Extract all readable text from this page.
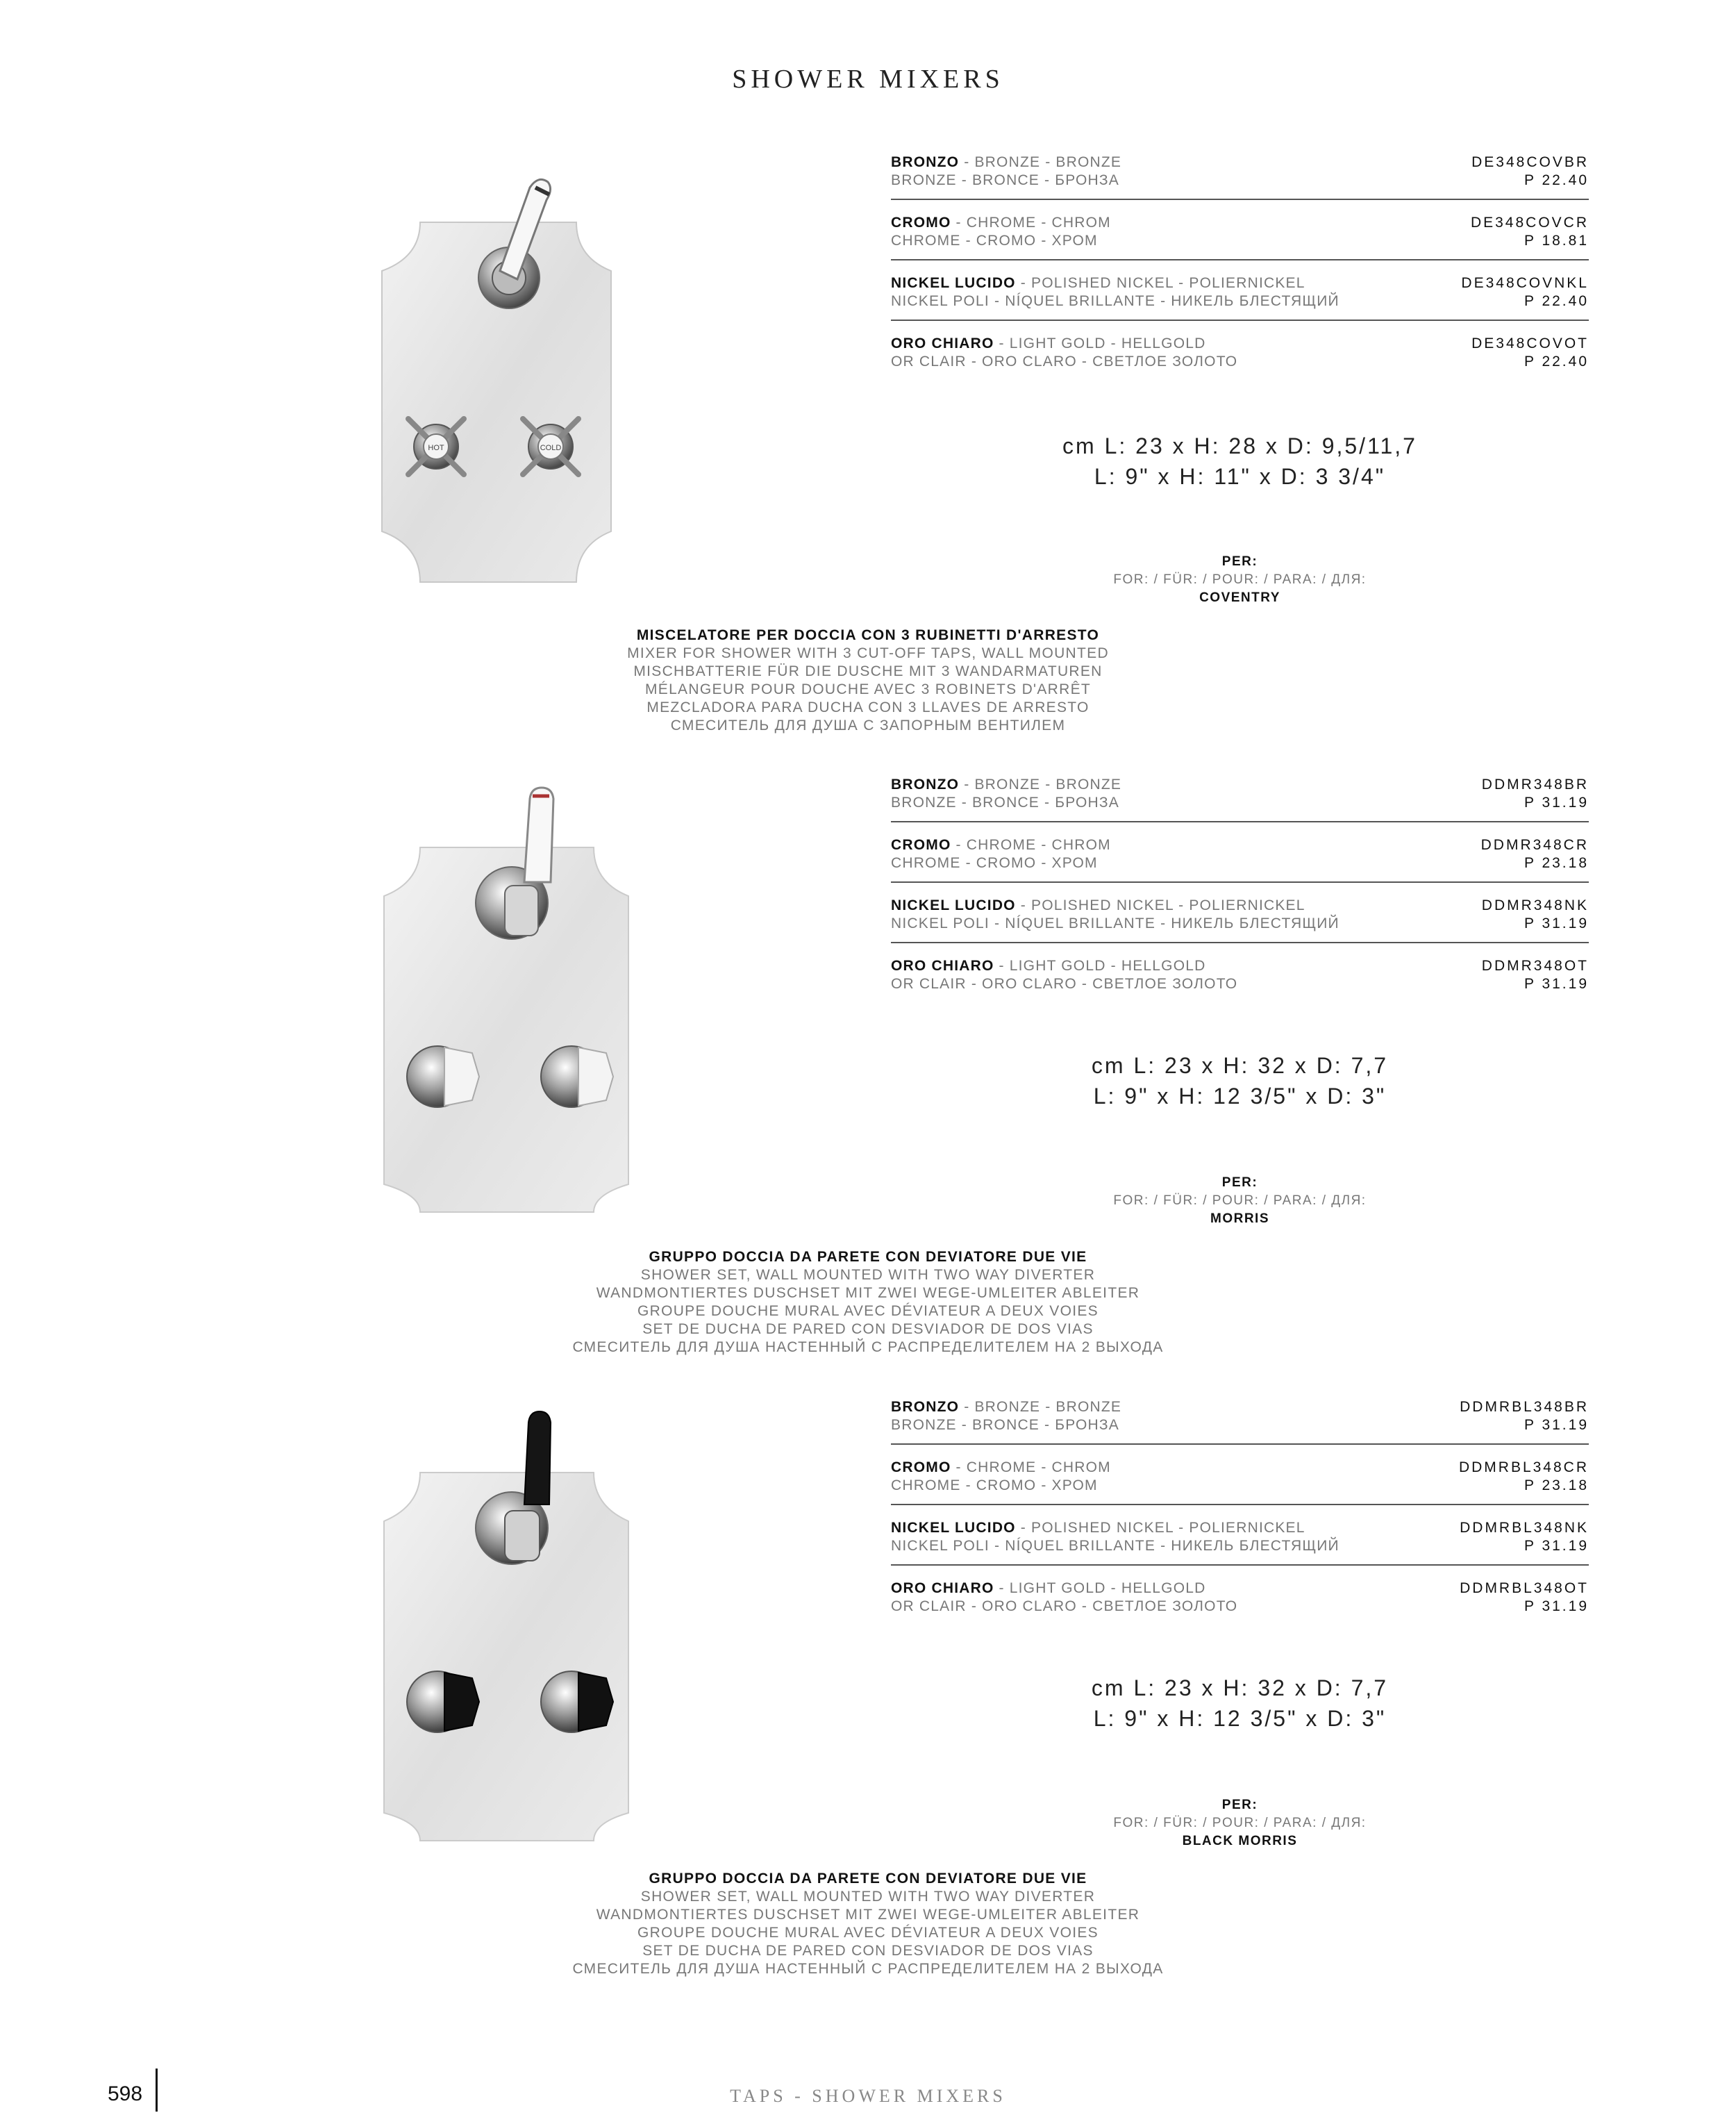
SHOWER MIXERS
HOT	COLD
BRONZO - BRONZE - BRONZE
BRONZE - BRONCE - БРОНЗА
DE348COVBR
P 22.40
CROMO - CHROME - CHROM
CHROME - CROMO - ХРОМ
DE348COVCR
P 18.81
NICKEL LUCIDO - POLISHED NICKEL - POLIERNICKEL
NICKEL POLI - NÍQUEL BRILLANTE - НИКЕЛЬ БЛЕСТЯЩИЙ
DE348COVNKL
P 22.40
ORO CHIARO - LIGHT GOLD - HELLGOLD
OR CLAIR - ORO CLARO - СВЕТЛОЕ ЗОЛОТО
DE348COVOT
P 22.40
cm L: 23 x H: 28 x D: 9,5/11,7
L: 9" x H: 11" x D: 3 3/4"
PER:
FOR: / FÜR: / POUR: / PARA: / ДЛЯ:
COVENTRY
MISCELATORE PER DOCCIA CON 3 RUBINETTI D'ARRESTO
MIXER FOR SHOWER WITH 3 CUT-OFF TAPS, WALL MOUNTED
MISCHBATTERIE FÜR DIE DUSCHE MIT 3 WANDARMATUREN
MÉLANGEUR POUR DOUCHE AVEC 3 ROBINETS D'ARRÊT
MEZCLADORA PARA DUCHA CON 3 LLAVES DE ARRESTO
СМЕСИТЕЛЬ ДЛЯ ДУША С ЗАПОРНЫМ ВЕНТИЛЕМ
BRONZO - BRONZE - BRONZE
BRONZE - BRONCE - БРОНЗА
DDMR348BR
P 31.19
CROMO - CHROME - CHROM
CHROME - CROMO - ХРОМ
DDMR348CR
P 23.18
NICKEL LUCIDO - POLISHED NICKEL - POLIERNICKEL
NICKEL POLI - NÍQUEL BRILLANTE - НИКЕЛЬ БЛЕСТЯЩИЙ
DDMR348NK
P 31.19
ORO CHIARO - LIGHT GOLD - HELLGOLD
OR CLAIR - ORO CLARO - СВЕТЛОЕ ЗОЛОТО
DDMR348OT
P 31.19
cm L: 23 x H: 32 x D: 7,7
L: 9" x H: 12 3/5" x D: 3"
PER:
FOR: / FÜR: / POUR: / PARA: / ДЛЯ:
MORRIS
GRUPPO DOCCIA DA PARETE CON DEVIATORE DUE VIE
SHOWER SET, WALL MOUNTED WITH TWO WAY DIVERTER
WANDMONTIERTES DUSCHSET MIT ZWEI WEGE-UMLEITER ABLEITER
GROUPE DOUCHE MURAL AVEC DÉVIATEUR A DEUX VOIES
SET DE DUCHA DE PARED CON DESVIADOR DE DOS VIAS
СМЕСИТЕЛЬ ДЛЯ ДУША НАСТЕННЫЙ С РАСПРЕДЕЛИТЕЛЕМ НА 2 ВЫХОДА
BRONZO - BRONZE - BRONZE
BRONZE - BRONCE - БРОНЗА
DDMRBL348BR
P 31.19
CROMO - CHROME - CHROM
CHROME - CROMO - ХРОМ
DDMRBL348CR
P 23.18
NICKEL LUCIDO - POLISHED NICKEL - POLIERNICKEL
NICKEL POLI - NÍQUEL BRILLANTE - НИКЕЛЬ БЛЕСТЯЩИЙ
DDMRBL348NK
P 31.19
ORO CHIARO - LIGHT GOLD - HELLGOLD
OR CLAIR - ORO CLARO - СВЕТЛОЕ ЗОЛОТО
DDMRBL348OT
P 31.19
cm L: 23 x H: 32 x D: 7,7
L: 9" x H: 12 3/5" x D: 3"
PER:
FOR: / FÜR: / POUR: / PARA: / ДЛЯ:
BLACK MORRIS
GRUPPO DOCCIA DA PARETE CON DEVIATORE DUE VIE
SHOWER SET, WALL MOUNTED WITH TWO WAY DIVERTER
WANDMONTIERTES DUSCHSET MIT ZWEI WEGE-UMLEITER ABLEITER
GROUPE DOUCHE MURAL AVEC DÉVIATEUR A DEUX VOIES
SET DE DUCHA DE PARED CON DESVIADOR DE DOS VIAS
СМЕСИТЕЛЬ ДЛЯ ДУША НАСТЕННЫЙ С РАСПРЕДЕЛИТЕЛЕМ НА 2 ВЫХОДА
598	TAPS - SHOWER MIXERS
